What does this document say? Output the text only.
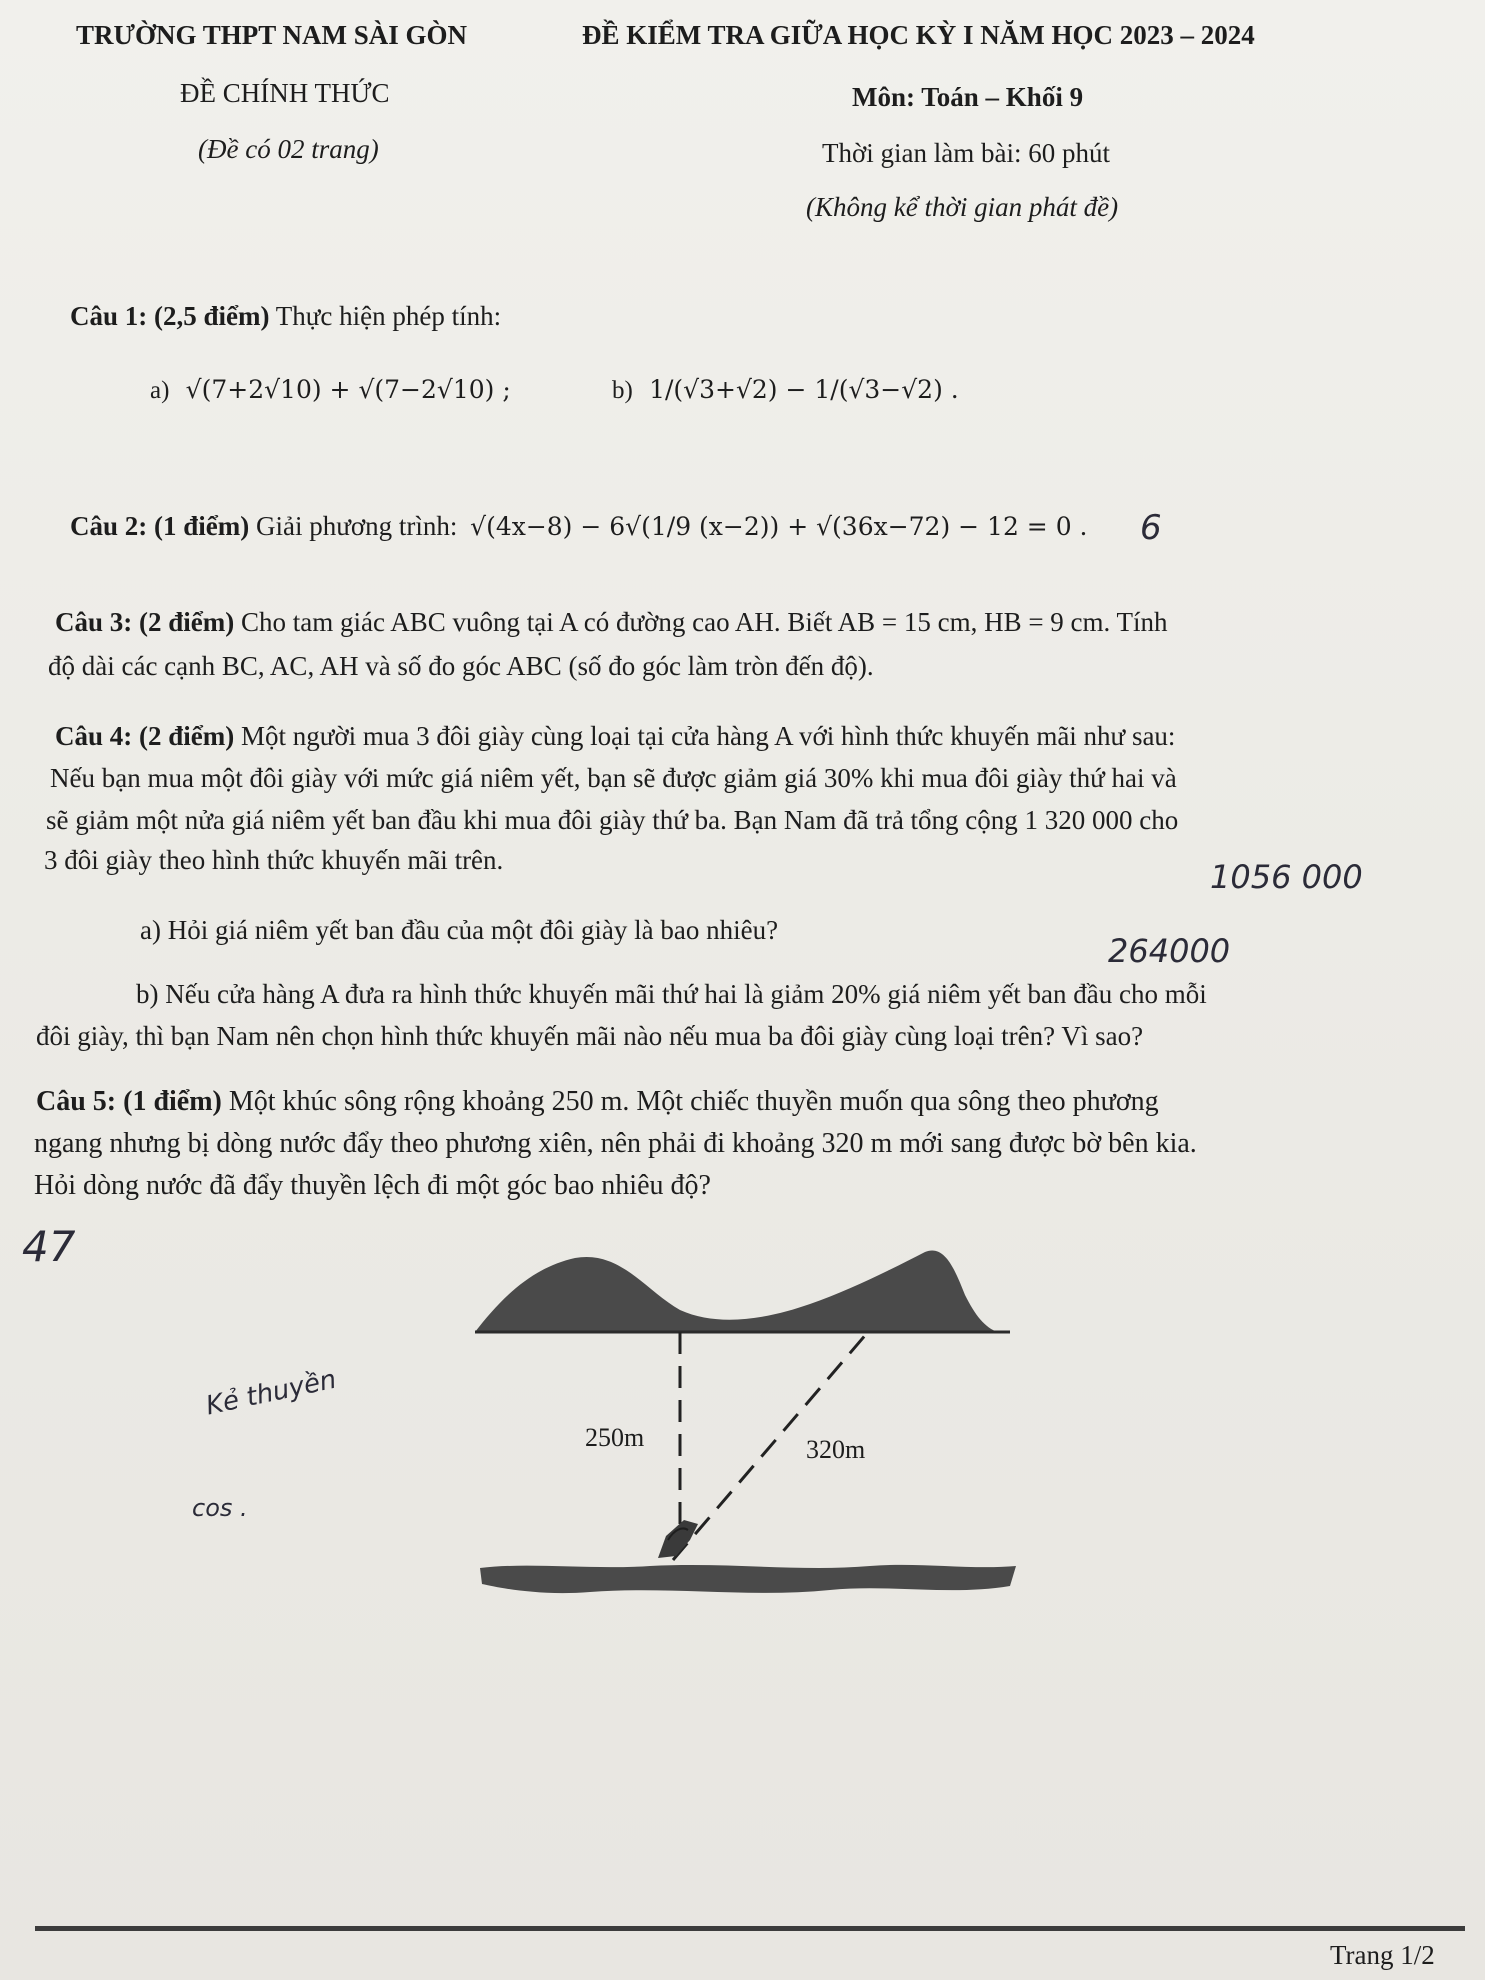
TRƯỜNG THPT NAM SÀI GÒN	ĐỀ KIỂM TRA GIỮA HỌC KỲ I NĂM HỌC 2023 – 2024
ĐỀ CHÍNH THỨC	Môn: Toán – Khối 9
(Đề có 02 trang)	Thời gian làm bài: 60 phút
(Không kể thời gian phát đề)
Câu 1: (2,5 điểm) Thực hiện phép tính:
a) √(7+2√10) + √(7−2√10) ;	b) 1/(√3+√2) − 1/(√3−√2) .
Câu 2: (1 điểm) Giải phương trình: √(4x−8) − 6√(1/9 (x−2)) + √(36x−72) − 12 = 0 . 6
Câu 3: (2 điểm) Cho tam giác ABC vuông tại A có đường cao AH. Biết AB = 15 cm, HB = 9 cm. Tính
độ dài các cạnh BC, AC, AH và số đo góc ABC (số đo góc làm tròn đến độ).
Câu 4: (2 điểm) Một người mua 3 đôi giày cùng loại tại cửa hàng A với hình thức khuyến mãi như sau:
Nếu bạn mua một đôi giày với mức giá niêm yết, bạn sẽ được giảm giá 30% khi mua đôi giày thứ hai và
sẽ giảm một nửa giá niêm yết ban đầu khi mua đôi giày thứ ba. Bạn Nam đã trả tổng cộng 1 320 000 cho
3 đôi giày theo hình thức khuyến mãi trên.	1056 000
a) Hỏi giá niêm yết ban đầu của một đôi giày là bao nhiêu?
264000
b) Nếu cửa hàng A đưa ra hình thức khuyến mãi thứ hai là giảm 20% giá niêm yết ban đầu cho mỗi
đôi giày, thì bạn Nam nên chọn hình thức khuyến mãi nào nếu mua ba đôi giày cùng loại trên? Vì sao?
Câu 5: (1 điểm) Một khúc sông rộng khoảng 250 m. Một chiếc thuyền muốn qua sông theo phương
ngang nhưng bị dòng nước đẩy theo phương xiên, nên phải đi khoảng 320 m mới sang được bờ bên kia.
Hỏi dòng nước đã đẩy thuyền lệch đi một góc bao nhiêu độ?
47
Kẻ thuyền
cos .
250m	320m
Trang 1/2
